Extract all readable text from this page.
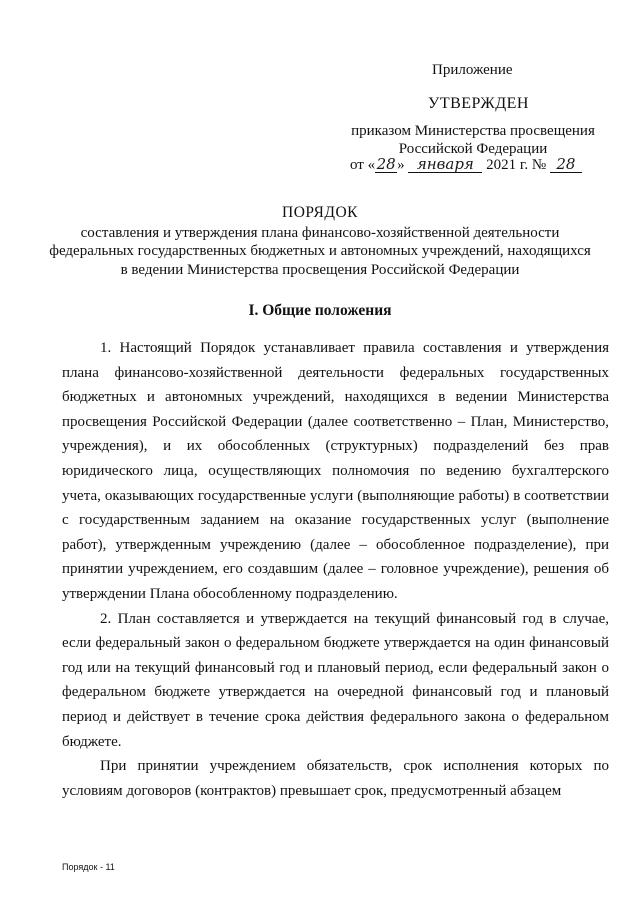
Приложение
УТВЕРЖДЕН
приказом Министерства просвещения
Российской Федерации
от «28» января 2021 г. № 28
ПОРЯДОК
составления и утверждения плана финансово-хозяйственной деятельности
федеральных государственных бюджетных и автономных учреждений, находящихся
в ведении Министерства просвещения Российской Федерации
I. Общие положения

1. Настоящий Порядок устанавливает правила составления и утверждения плана финансово-хозяйственной деятельности федеральных государственных бюджетных и автономных учреждений, находящихся в ведении Министерства просвещения Российской Федерации (далее соответственно – План, Министерство, учреждения), и их обособленных (структурных) подразделений без прав юридического лица, осуществляющих полномочия по ведению бухгалтерского учета, оказывающих государственные услуги (выполняющие работы) в соответствии с государственным заданием на оказание государственных услуг (выполнение работ), утвержденным учреждению (далее – обособленное подразделение), при принятии учреждением, его создавшим (далее – головное учреждение), решения об утверждении Плана обособленному подразделению.

2. План составляется и утверждается на текущий финансовый год в случае, если федеральный закон о федеральном бюджете утверждается на один финансовый год или на текущий финансовый год и плановый период, если федеральный закон о федеральном бюджете утверждается на очередной финансовый год и плановый период и действует в течение срока действия федерального закона о федеральном бюджете.

При принятии учреждением обязательств, срок исполнения которых по условиям договоров (контрактов) превышает срок, предусмотренный абзацем

Порядок - 11
